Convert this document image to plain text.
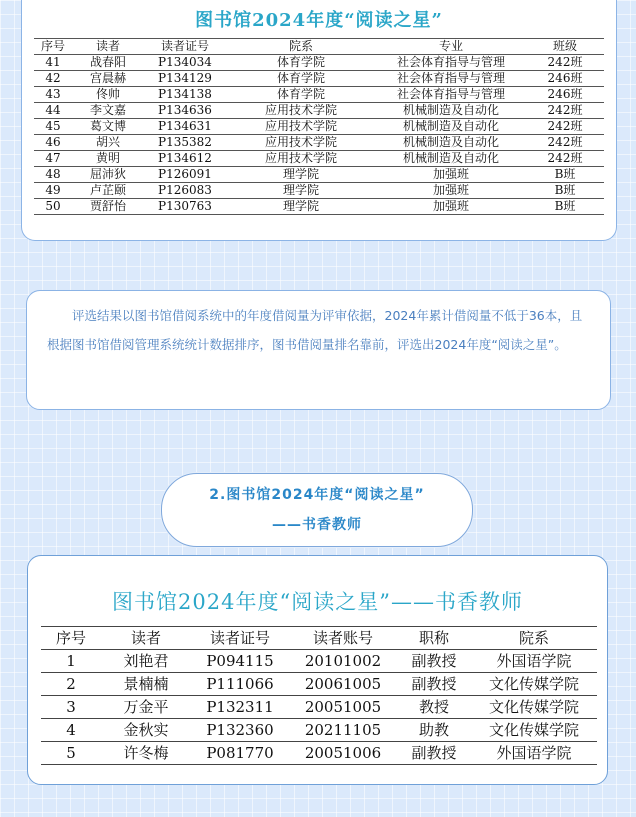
图书馆2024年度“阅读之星”
序号	读者	读者证号	院系	专业	班级
41	战春阳	P134034	体育学院	社会体育指导与管理	242班
42	宫晨赫	P134129	体育学院	社会体育指导与管理	246班
43	佟帅	P134138	体育学院	社会体育指导与管理	246班
44	李文嘉	P134636	应用技术学院	机械制造及自动化	242班
45	葛文博	P134631	应用技术学院	机械制造及自动化	242班
46	胡兴	P135382	应用技术学院	机械制造及自动化	242班
47	黄明	P134612	应用技术学院	机械制造及自动化	242班
48	屈沛狄	P126091	理学院	加强班	B班
49	卢芷颐	P126083	理学院	加强班	B班
50	贾舒怡	P130763	理学院	加强班	B班

评选结果以图书馆借阅系统中的年度借阅量为评审依据，2024年累计借阅量不低于36本，且根据图书馆借阅管理系统统计数据排序，图书借阅量排名靠前，评选出2024年度“阅读之星”。

2.图书馆2024年度“阅读之星”
——书香教师
图书馆2024年度“阅读之星”——书香教师
序号	读者	读者证号	读者账号	职称	院系
1	刘艳君	P094115	20101002	副教授	外国语学院
2	景楠楠	P111066	20061005	副教授	文化传媒学院
3	万金平	P132311	20051005	教授	文化传媒学院
4	金秋实	P132360	20211105	助教	文化传媒学院
5	许冬梅	P081770	20051006	副教授	外国语学院
